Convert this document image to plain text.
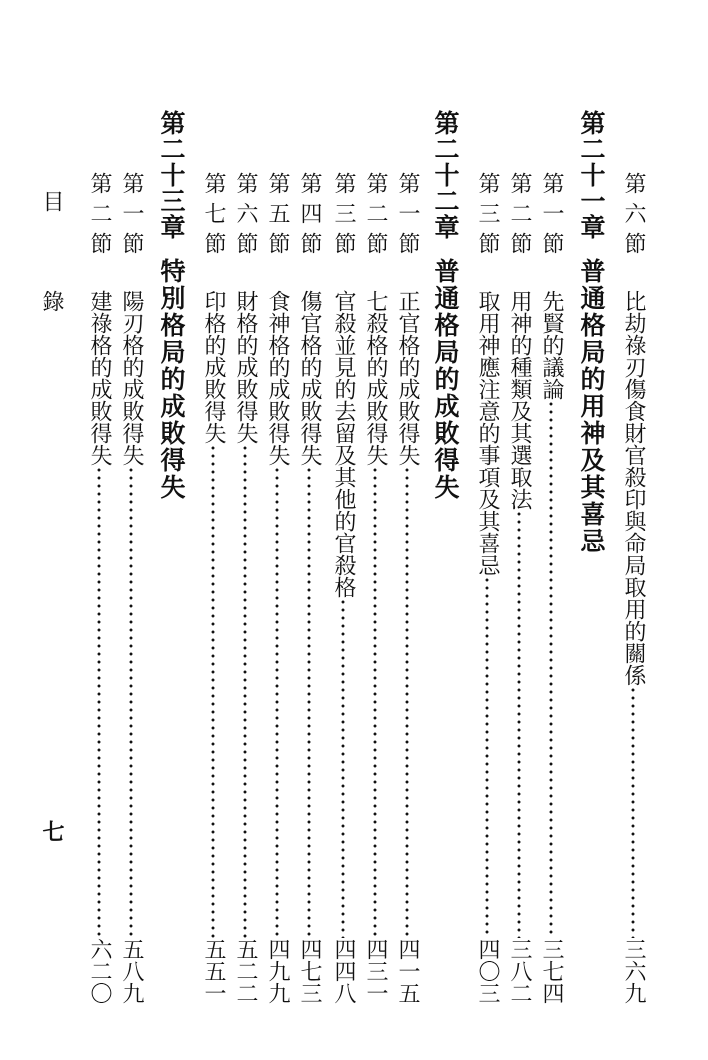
第六節
比劫祿刃傷食財官殺印與命局取用的關係
三六九
第二十一章普通格局的用神及其喜忌
第一節
先賢的議論
三七四
第二節
用神的種類及其選取法
三八二
第三節
取用神應注意的事項及其喜忌
四〇三
第二十二章普通格局的成敗得失
第一節
正官格的成敗得失
四一五
第二節
七殺格的成敗得失
四三一
第三節
官殺並見的去留及其他的官殺格
四四八
第四節
傷官格的成敗得失
四七三
第五節
食神格的成敗得失
四九九
第六節
財格的成敗得失
五二二
第七節
印格的成敗得失
五五一
第二十三章特別格局的成敗得失
第一節
陽刃格的成敗得失
五八九
第二節
建祿格的成敗得失
六二〇
目錄
七
